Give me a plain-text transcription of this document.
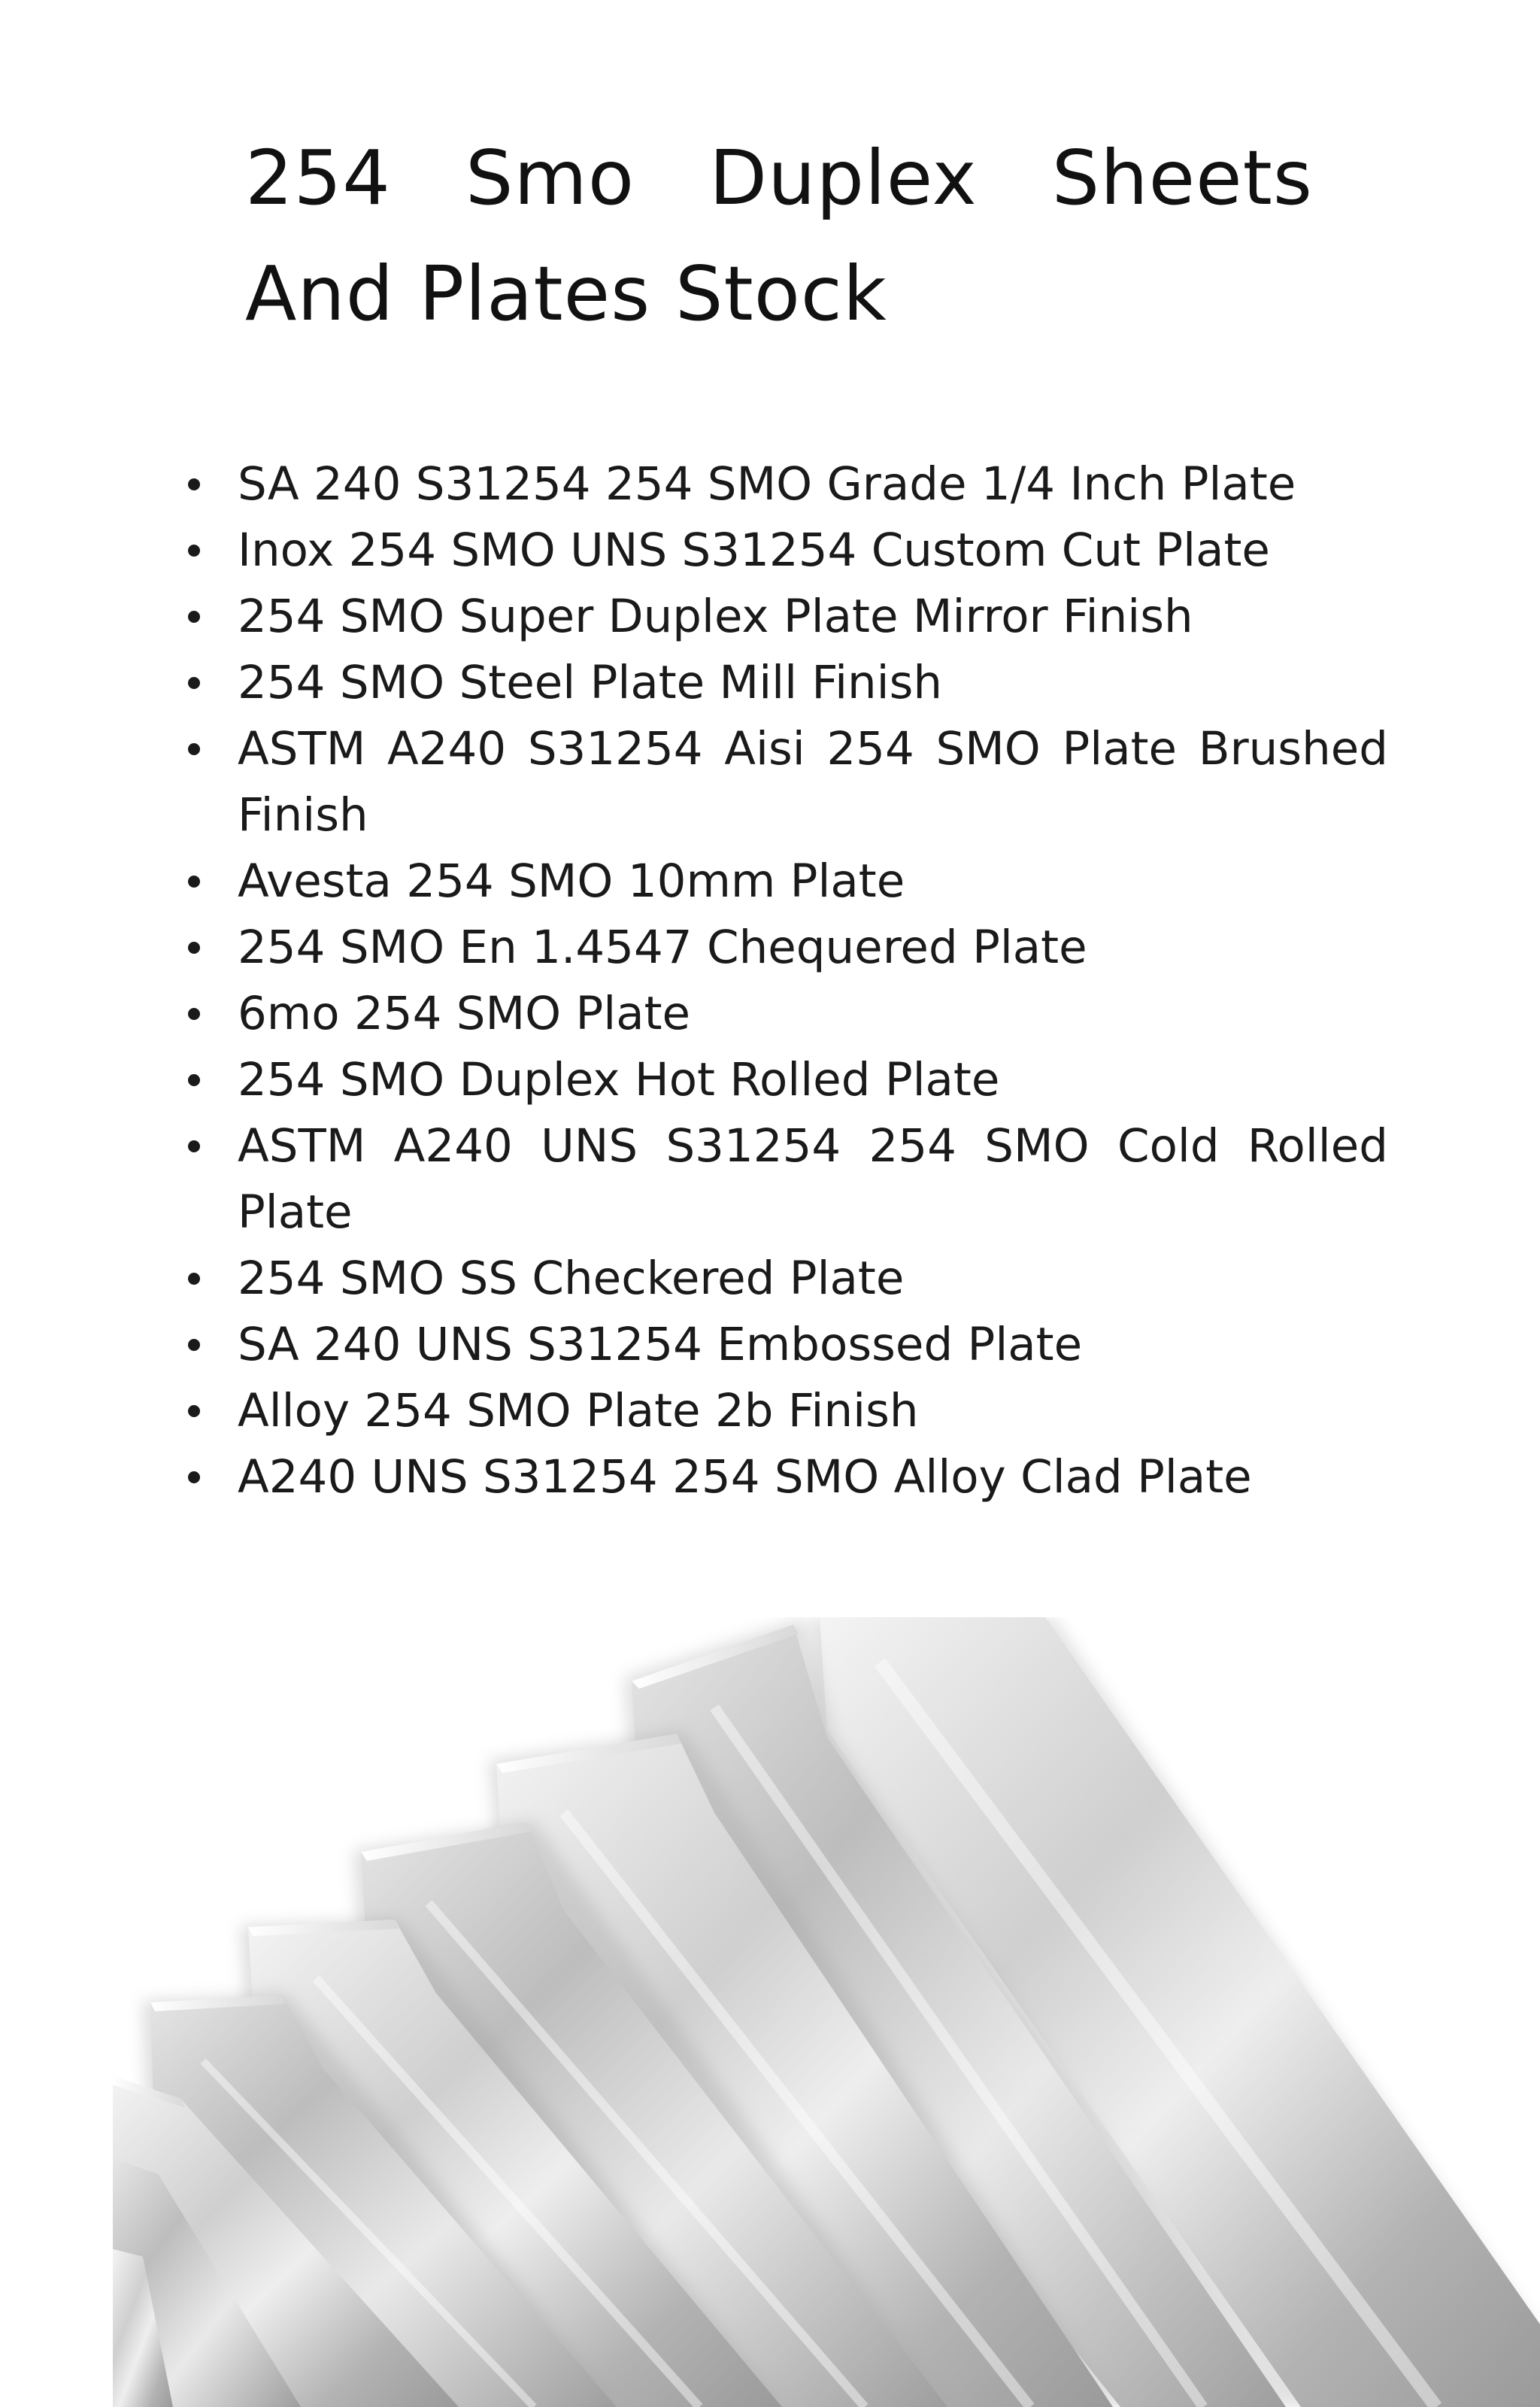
254 Smo Duplex Sheets
And Plates Stock
SA 240 S31254 254 SMO Grade 1/4 Inch Plate
Inox 254 SMO UNS S31254 Custom Cut Plate
254 SMO Super Duplex Plate Mirror Finish
254 SMO Steel Plate Mill Finish
ASTM A240 S31254 Aisi 254 SMO Plate Brushed Finish
Avesta 254 SMO 10mm Plate
254 SMO En 1.4547 Chequered Plate
6mo 254 SMO Plate
254 SMO Duplex Hot Rolled Plate
ASTM A240 UNS S31254 254 SMO Cold Rolled Plate
254 SMO SS Checkered Plate
SA 240 UNS S31254 Embossed Plate
Alloy 254 SMO Plate 2b Finish
A240 UNS S31254 254 SMO Alloy Clad Plate
